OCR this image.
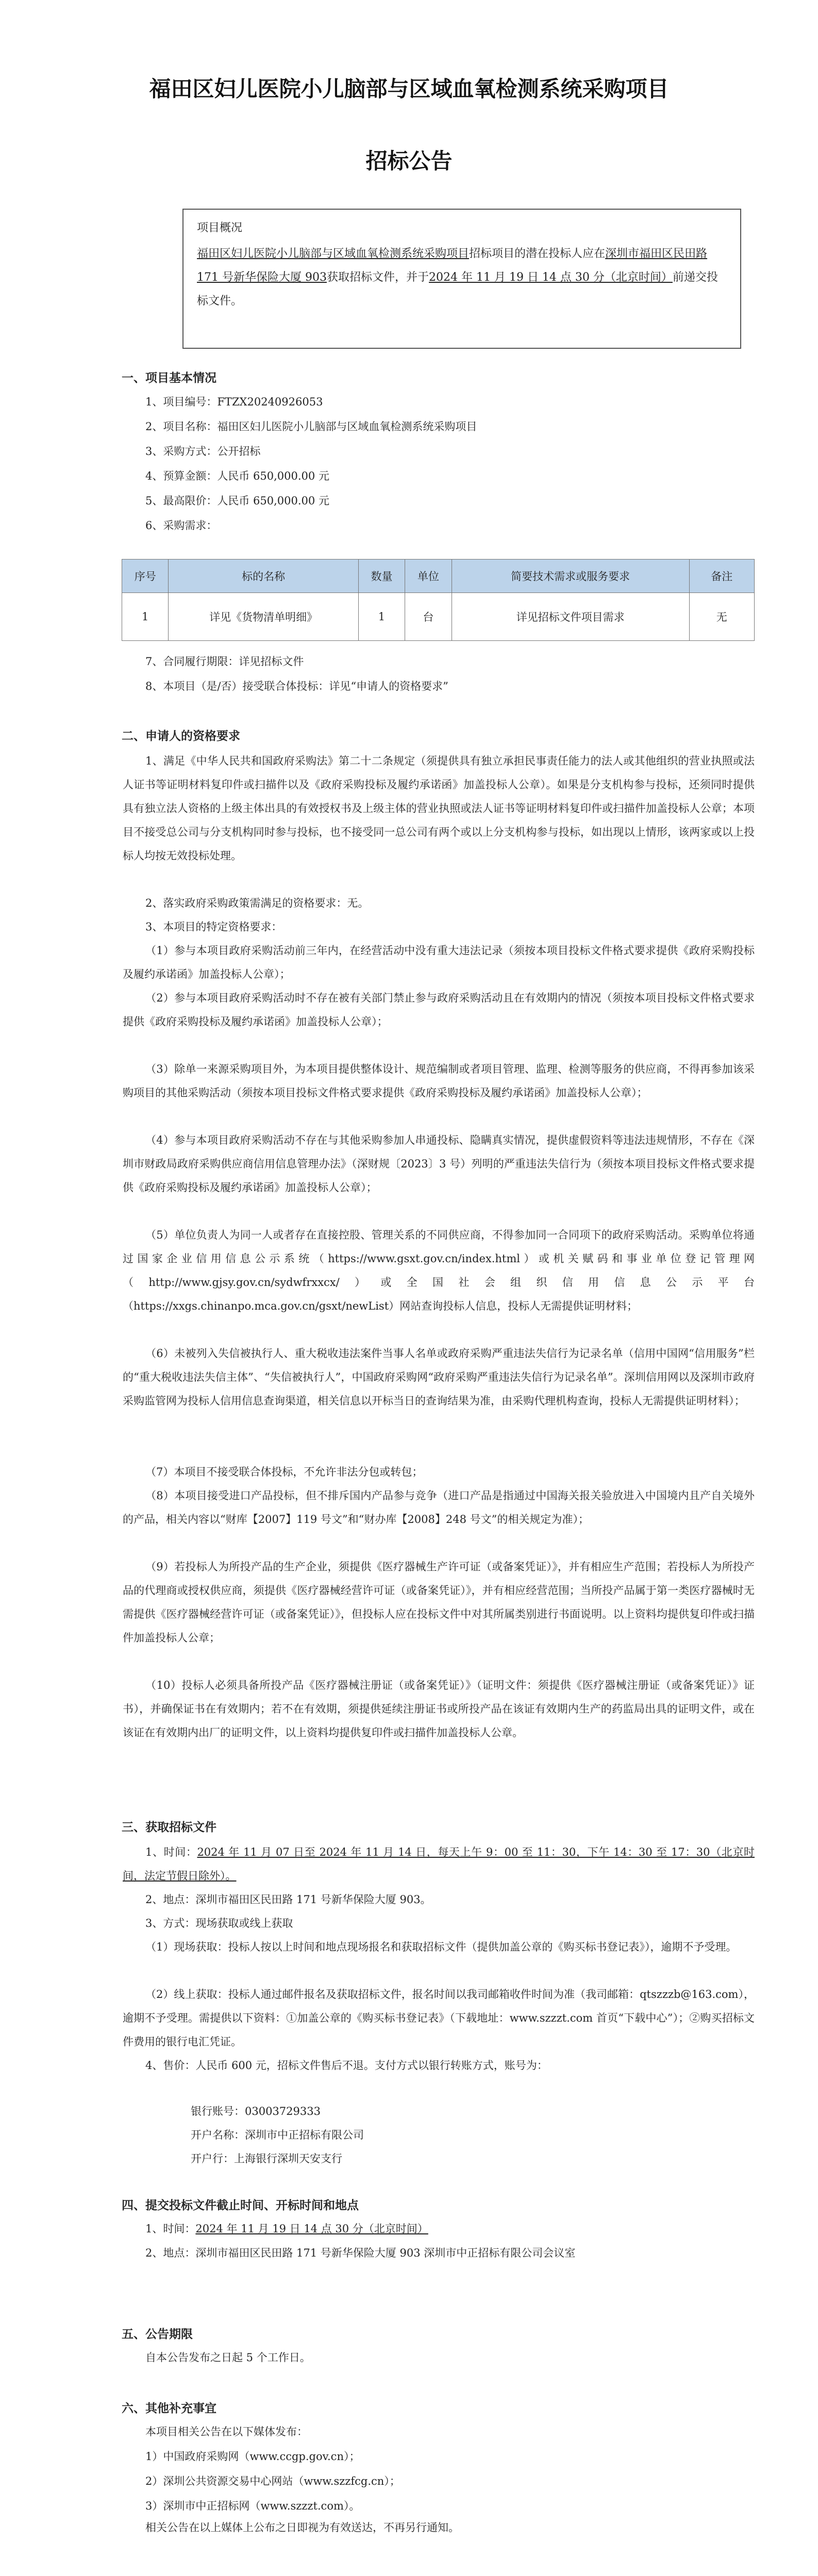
福田区妇儿医院小儿脑部与区域血氧检测系统采购项目
招标公告
项目概况
福田区妇儿医院小儿脑部与区域血氧检测系统采购项目招标项目的潜在投标人应在深圳市福田区民田路 171 号新华保险大厦 903获取招标文件，并于2024 年 11 月 19 日 14 点 30 分（北京时间）前递交投标文件。
一、项目基本情况
1、项目编号：FTZX20240926053
2、项目名称：福田区妇儿医院小儿脑部与区域血氧检测系统采购项目
3、采购方式：公开招标
4、预算金额：人民币 650,000.00 元
5、最高限价：人民币 650,000.00 元
6、采购需求：
序号	标的名称	数量	单位	简要技术需求或服务要求	备注
1	详见《货物清单明细》	1	台	详见招标文件项目需求	无
7、合同履行期限：详见招标文件
8、本项目（是/否）接受联合体投标：详见“申请人的资格要求”
二、申请人的资格要求
1、满足《中华人民共和国政府采购法》第二十二条规定（须提供具有独立承担民事责任能力的法人或其他组织的营业执照或法人证书等证明材料复印件或扫描件以及《政府采购投标及履约承诺函》加盖投标人公章）。如果是分支机构参与投标，还须同时提供具有独立法人资格的上级主体出具的有效授权书及上级主体的营业执照或法人证书等证明材料复印件或扫描件加盖投标人公章；本项目不接受总公司与分支机构同时参与投标，也不接受同一总公司有两个或以上分支机构参与投标，如出现以上情形，该两家或以上投标人均按无效投标处理。
2、落实政府采购政策需满足的资格要求：无。
3、本项目的特定资格要求：
（1）参与本项目政府采购活动前三年内，在经营活动中没有重大违法记录（须按本项目投标文件格式要求提供《政府采购投标及履约承诺函》加盖投标人公章）；
（2）参与本项目政府采购活动时不存在被有关部门禁止参与政府采购活动且在有效期内的情况（须按本项目投标文件格式要求提供《政府采购投标及履约承诺函》加盖投标人公章）；
（3）除单一来源采购项目外，为本项目提供整体设计、规范编制或者项目管理、监理、检测等服务的供应商，不得再参加该采购项目的其他采购活动（须按本项目投标文件格式要求提供《政府采购投标及履约承诺函》加盖投标人公章）；
（4）参与本项目政府采购活动不存在与其他采购参加人串通投标、隐瞒真实情况，提供虚假资料等违法违规情形，不存在《深圳市财政局政府采购供应商信用信息管理办法》（深财规〔2023〕3 号）列明的严重违法失信行为（须按本项目投标文件格式要求提供《政府采购投标及履约承诺函》加盖投标人公章）；
（5）单位负责人为同一人或者存在直接控股、管理关系的不同供应商，不得参加同一合同项下的政府采购活动。采购单位将通过国家企业信用信息公示系统（https://www.gsxt.gov.cn/index.html）或机关赋码和事业单位登记管理网（http://www.gjsy.gov.cn/sydwfrxxcx/）或全国社会组织信用信息公示平台（https://xxgs.chinanpo.mca.gov.cn/gsxt/newList）网站查询投标人信息，投标人无需提供证明材料；
（6）未被列入失信被执行人、重大税收违法案件当事人名单或政府采购严重违法失信行为记录名单（信用中国网“信用服务”栏的“重大税收违法失信主体”、“失信被执行人”，中国政府采购网“政府采购严重违法失信行为记录名单”。深圳信用网以及深圳市政府采购监管网为投标人信用信息查询渠道，相关信息以开标当日的查询结果为准，由采购代理机构查询，投标人无需提供证明材料）；
（7）本项目不接受联合体投标，不允许非法分包或转包；
（8）本项目接受进口产品投标，但不排斥国内产品参与竞争（进口产品是指通过中国海关报关验放进入中国境内且产自关境外的产品，相关内容以“财库【2007】119 号文”和“财办库【2008】248 号文”的相关规定为准）；
（9）若投标人为所投产品的生产企业，须提供《医疗器械生产许可证（或备案凭证）》，并有相应生产范围；若投标人为所投产品的代理商或授权供应商，须提供《医疗器械经营许可证（或备案凭证）》，并有相应经营范围；当所投产品属于第一类医疗器械时无需提供《医疗器械经营许可证（或备案凭证）》，但投标人应在投标文件中对其所属类别进行书面说明。以上资料均提供复印件或扫描件加盖投标人公章；
（10）投标人必须具备所投产品《医疗器械注册证（或备案凭证）》（证明文件：须提供《医疗器械注册证（或备案凭证）》证书），并确保证书在有效期内；若不在有效期，须提供延续注册证书或所投产品在该证有效期内生产的药监局出具的证明文件，或在该证在有效期内出厂的证明文件，以上资料均提供复印件或扫描件加盖投标人公章。
三、获取招标文件
1、时间：2024 年 11 月 07 日至 2024 年 11 月 14 日，每天上午 9：00 至 11：30，下午 14：30 至 17：30（北京时间，法定节假日除外）。
2、地点：深圳市福田区民田路 171 号新华保险大厦 903。
3、方式：现场获取或线上获取
（1）现场获取：投标人按以上时间和地点现场报名和获取招标文件（提供加盖公章的《购买标书登记表》），逾期不予受理。
（2）线上获取：投标人通过邮件报名及获取招标文件，报名时间以我司邮箱收件时间为准（我司邮箱：qtszzzb@163.com），逾期不予受理。需提供以下资料：①加盖公章的《购买标书登记表》（下载地址：www.szzzt.com 首页“下载中心”）；②购买招标文件费用的银行电汇凭证。
4、售价：人民币 600 元，招标文件售后不退。支付方式以银行转账方式，账号为：
银行账号：03003729333
开户名称：深圳市中正招标有限公司
开户行：上海银行深圳天安支行
四、提交投标文件截止时间、开标时间和地点
1、时间：2024 年 11 月 19 日 14 点 30 分（北京时间）
2、地点：深圳市福田区民田路 171 号新华保险大厦 903 深圳市中正招标有限公司会议室
五、公告期限
自本公告发布之日起 5 个工作日。
六、其他补充事宜
本项目相关公告在以下媒体发布：
1）中国政府采购网（www.ccgp.gov.cn）；
2）深圳公共资源交易中心网站（www.szzfcg.cn）；
3）深圳市中正招标网（www.szzzt.com）。
相关公告在以上媒体上公布之日即视为有效送达，不再另行通知。
